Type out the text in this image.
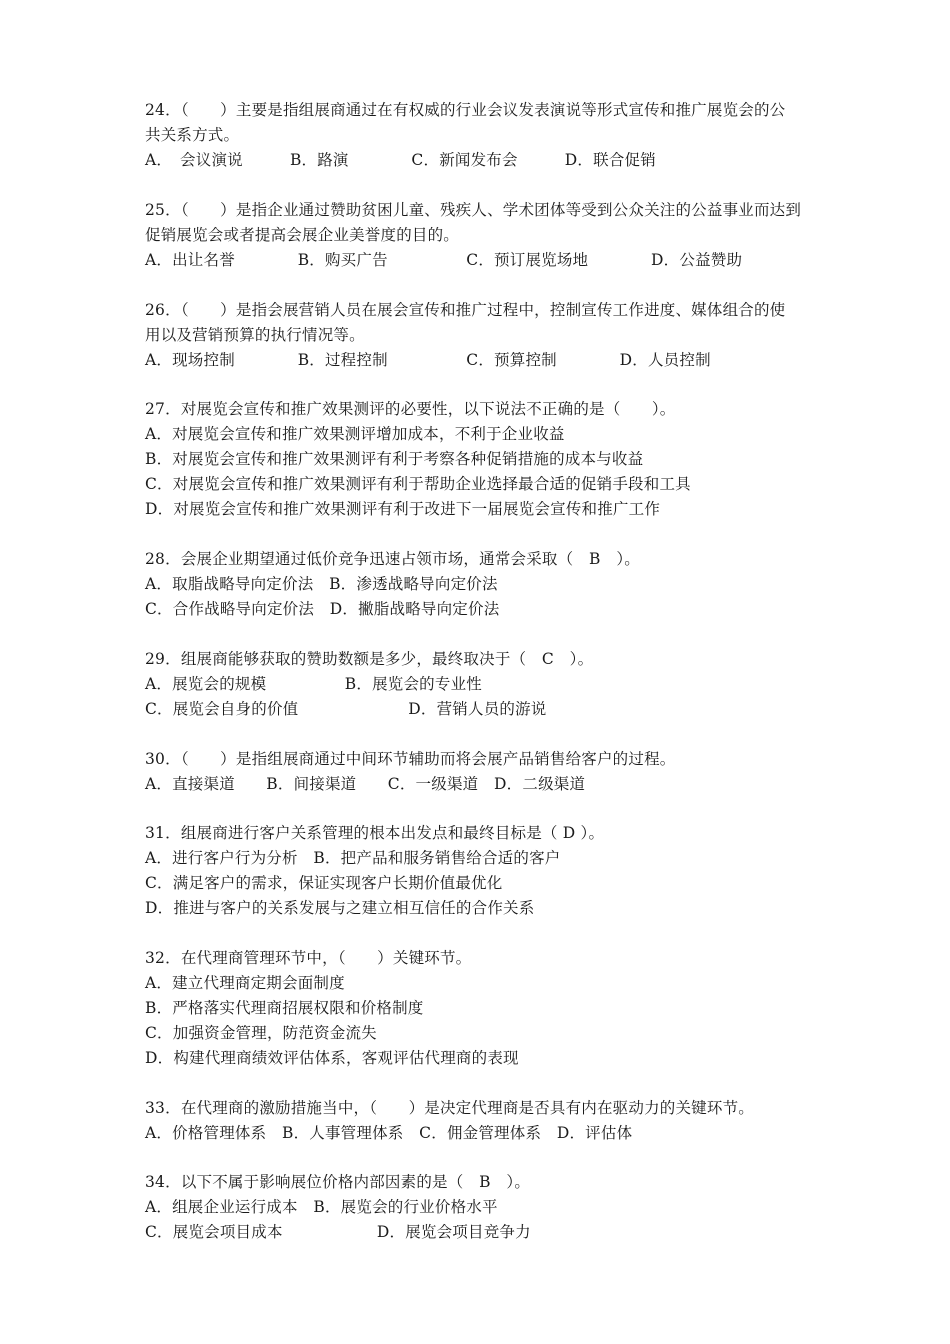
24．（　　）主要是指组展商通过在有权威的行业会议发表演说等形式宣传和推广展览会的公
共关系方式。
A．　会议演说　　　B．路演　　　　C．新闻发布会　　　D．联合促销
25．（　　）是指企业通过赞助贫困儿童、残疾人、学术团体等受到公众关注的公益事业而达到
促销展览会或者提高会展企业美誉度的目的。
A．出让名誉　　　　B．购买广告　　　　　C．预订展览场地　　　　D．公益赞助
26．（　　）是指会展营销人员在展会宣传和推广过程中，控制宣传工作进度、媒体组合的使
用以及营销预算的执行情况等。
A．现场控制　　　　B．过程控制　　　　　C．预算控制　　　　D．人员控制
27．对展览会宣传和推广效果测评的必要性，以下说法不正确的是（　　）。
A．对展览会宣传和推广效果测评增加成本，不利于企业收益
B．对展览会宣传和推广效果测评有利于考察各种促销措施的成本与收益
C．对展览会宣传和推广效果测评有利于帮助企业选择最合适的促销手段和工具
D．对展览会宣传和推广效果测评有利于改进下一届展览会宣传和推广工作
28．会展企业期望通过低价竞争迅速占领市场，通常会采取（　B　）。
A．取脂战略导向定价法　B．渗透战略导向定价法
C．合作战略导向定价法　D．撇脂战略导向定价法
29．组展商能够获取的赞助数额是多少，最终取决于（　C　）。
A．展览会的规模　　　　　B．展览会的专业性
C．展览会自身的价值　　　　　　　D．营销人员的游说
30．（　　）是指组展商通过中间环节辅助而将会展产品销售给客户的过程。
A．直接渠道　　B．间接渠道　　C．一级渠道　D．二级渠道
31．组展商进行客户关系管理的根本出发点和最终目标是（ D ）。
A．进行客户行为分析　B．把产品和服务销售给合适的客户
C．满足客户的需求，保证实现客户长期价值最优化
D．推进与客户的关系发展与之建立相互信任的合作关系
32．在代理商管理环节中，（　　）关键环节。
A．建立代理商定期会面制度
B．严格落实代理商招展权限和价格制度
C．加强资金管理，防范资金流失
D．构建代理商绩效评估体系，客观评估代理商的表现
33．在代理商的激励措施当中，（　　）是决定代理商是否具有内在驱动力的关键环节。
A．价格管理体系　B．人事管理体系　C．佣金管理体系　D．评估体
34．以下不属于影响展位价格内部因素的是（　B　）。
A．组展企业运行成本　B．展览会的行业价格水平
C．展览会项目成本　　　　　　D．展览会项目竞争力
